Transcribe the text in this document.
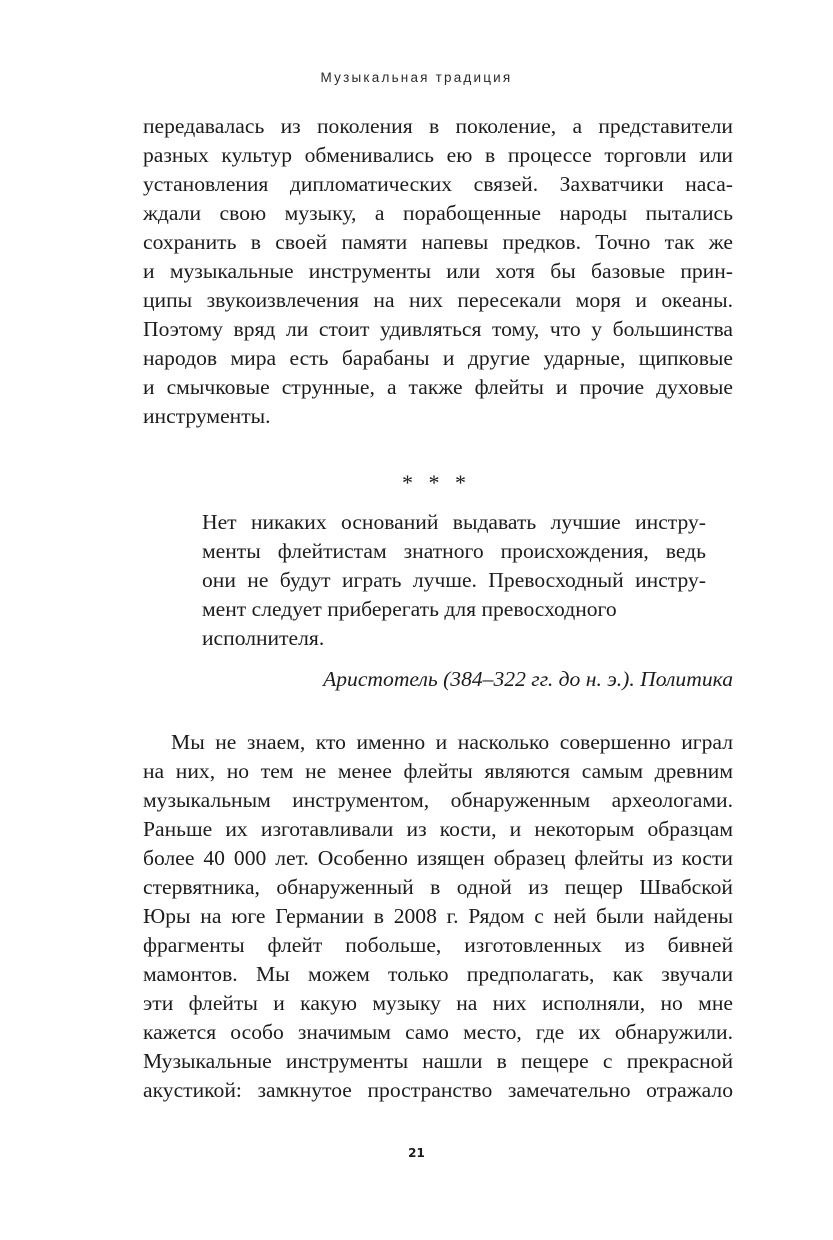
Музыкальная традиция
передавалась из поколения в поколение, а представители
разных культур обменивались ею в процессе торговли или
установления дипломатических связей. Захватчики наса-
ждали свою музыку, а порабощенные народы пытались
сохранить в своей памяти напевы предков. Точно так же
и музыкальные инструменты или хотя бы базовые прин-
ципы звукоизвлечения на них пересекали моря и океаны.
Поэтому вряд ли стоит удивляться тому, что у большинства
народов мира есть барабаны и другие ударные, щипковые
и смычковые струнные, а также флейты и прочие духовые
инструменты.
* * *
Нет никаких оснований выдавать лучшие инстру-
менты флейтистам знатного происхождения, ведь
они не будут играть лучше. Превосходный инстру-
мент следует приберегать для превосходного
исполнителя.
Аристотель (384–322 гг. до н. э.). Политика
Мы не знаем, кто именно и насколько совершенно играл
на них, но тем не менее флейты являются самым древним
музыкальным инструментом, обнаруженным археологами.
Раньше их изготавливали из кости, и некоторым образцам
более 40 000 лет. Особенно изящен образец флейты из кости
стервятника, обнаруженный в одной из пещер Швабской
Юры на юге Германии в 2008 г. Рядом с ней были найдены
фрагменты флейт побольше, изготовленных из бивней
мамонтов. Мы можем только предполагать, как звучали
эти флейты и какую музыку на них исполняли, но мне
кажется особо значимым само место, где их обнаружили.
Музыкальные инструменты нашли в пещере с прекрасной
акустикой: замкнутое пространство замечательно отражало
21
